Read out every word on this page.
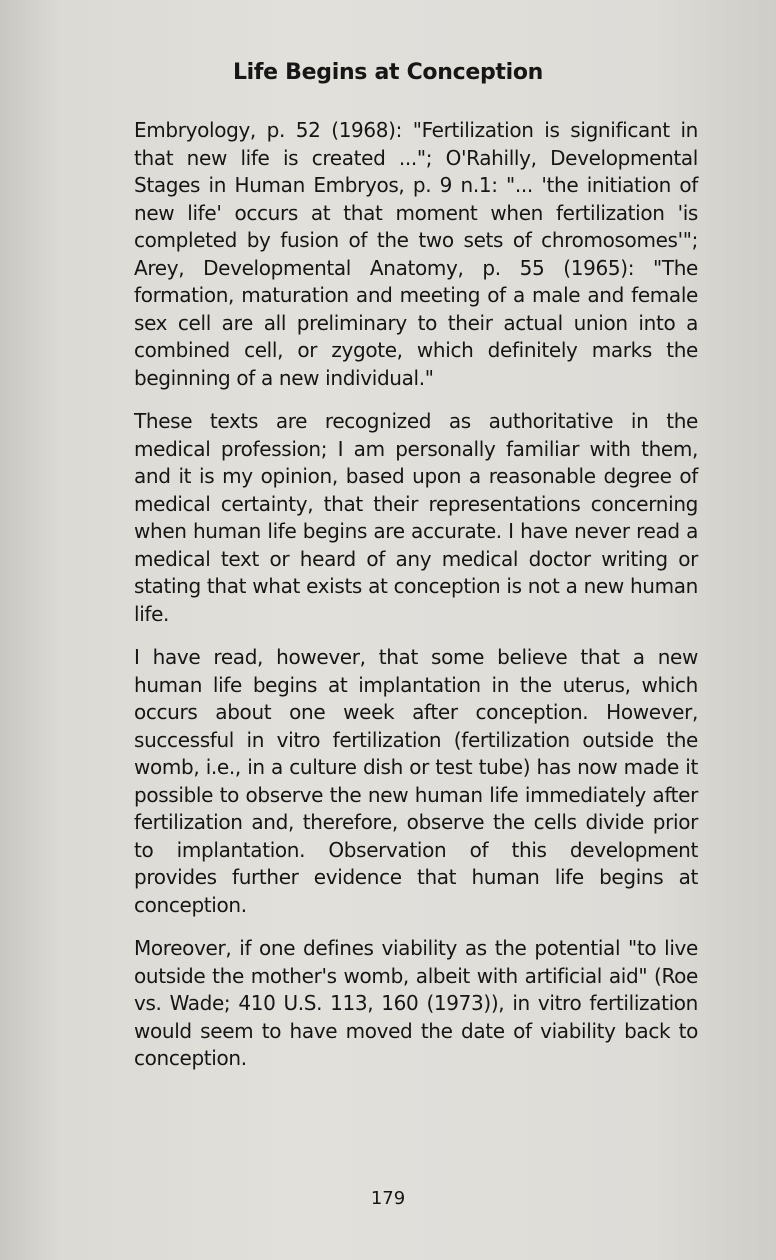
Life Begins at Conception

Embryology, p. 52 (1968): "Fertilization is significant in that new life is created ..."; O'Rahilly, Developmental Stages in Human Embryos, p. 9 n.1: "... 'the initiation of new life' occurs at that moment when fertilization 'is completed by fusion of the two sets of chromosomes'"; Arey, Developmental Anatomy, p. 55 (1965): "The formation, maturation and meeting of a male and female sex cell are all preliminary to their actual union into a combined cell, or zygote, which definitely marks the beginning of a new individual."

These texts are recognized as authoritative in the medical profession; I am personally familiar with them, and it is my opinion, based upon a reasonable degree of medical certainty, that their representations concerning when human life begins are accurate. I have never read a medical text or heard of any medical doctor writing or stating that what exists at conception is not a new human life.

I have read, however, that some believe that a new human life begins at implantation in the uterus, which occurs about one week after conception. However, successful in vitro fertilization (fertilization outside the womb, i.e., in a culture dish or test tube) has now made it possible to observe the new human life immediately after fertilization and, therefore, observe the cells divide prior to implantation. Observation of this development provides further evidence that human life begins at conception.

Moreover, if one defines viability as the potential "to live outside the mother's womb, albeit with artificial aid" (Roe vs. Wade; 410 U.S. 113, 160 (1973)), in vitro fertilization would seem to have moved the date of viability back to conception.

179
